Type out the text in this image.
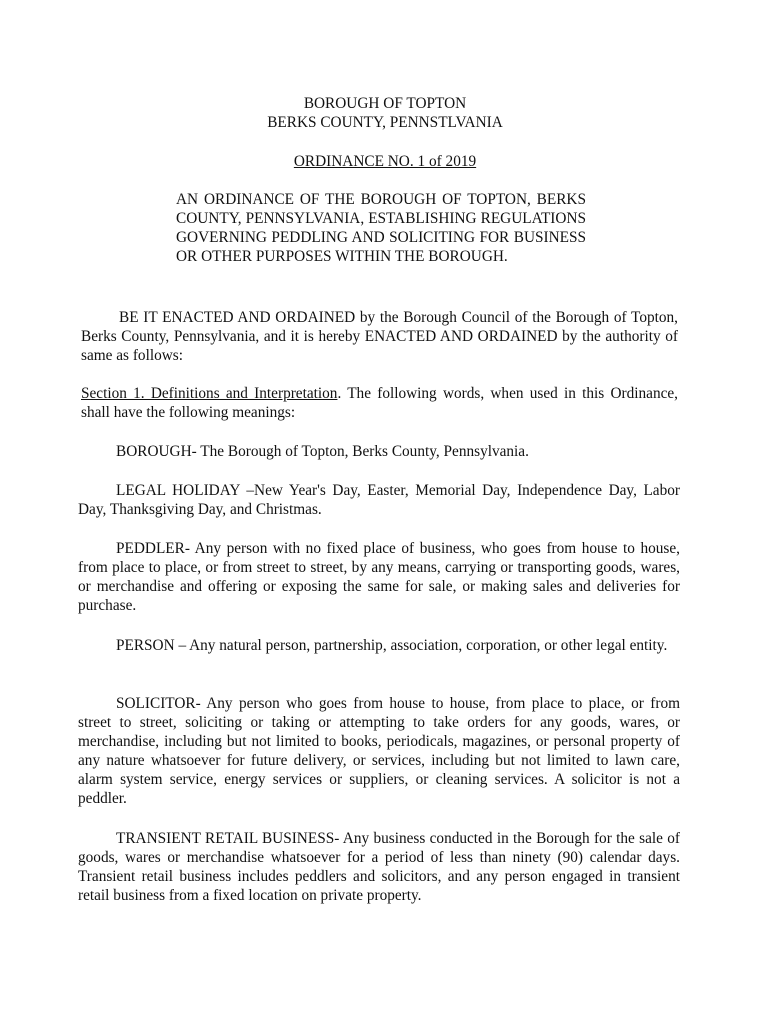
BOROUGH OF TOPTON
BERKS COUNTY, PENNSTLVANIA
ORDINANCE NO. 1 of 2019
AN ORDINANCE OF THE BOROUGH OF TOPTON, BERKS COUNTY, PENNSYLVANIA, ESTABLISHING REGULATIONS GOVERNING PEDDLING AND SOLICITING FOR BUSINESS OR OTHER PURPOSES WITHIN THE BOROUGH.
BE IT ENACTED AND ORDAINED by the Borough Council of the Borough of Topton, Berks County, Pennsylvania, and it is hereby ENACTED AND ORDAINED by the authority of same as follows:
Section 1. Definitions and Interpretation. The following words, when used in this Ordinance, shall have the following meanings:
BOROUGH- The Borough of Topton, Berks County, Pennsylvania.
LEGAL HOLIDAY –New Year's Day, Easter, Memorial Day, Independence Day, Labor Day, Thanksgiving Day, and Christmas.
PEDDLER- Any person with no fixed place of business, who goes from house to house, from place to place, or from street to street, by any means, carrying or transporting goods, wares, or merchandise and offering or exposing the same for sale, or making sales and deliveries for purchase.
PERSON – Any natural person, partnership, association, corporation, or other legal entity.
SOLICITOR- Any person who goes from house to house, from place to place, or from street to street, soliciting or taking or attempting to take orders for any goods, wares, or merchandise, including but not limited to books, periodicals, magazines, or personal property of any nature whatsoever for future delivery, or services, including but not limited to lawn care, alarm system service, energy services or suppliers, or cleaning services. A solicitor is not a peddler.
TRANSIENT RETAIL BUSINESS- Any business conducted in the Borough for the sale of goods, wares or merchandise whatsoever for a period of less than ninety (90) calendar days. Transient retail business includes peddlers and solicitors, and any person engaged in transient retail business from a fixed location on private property.
